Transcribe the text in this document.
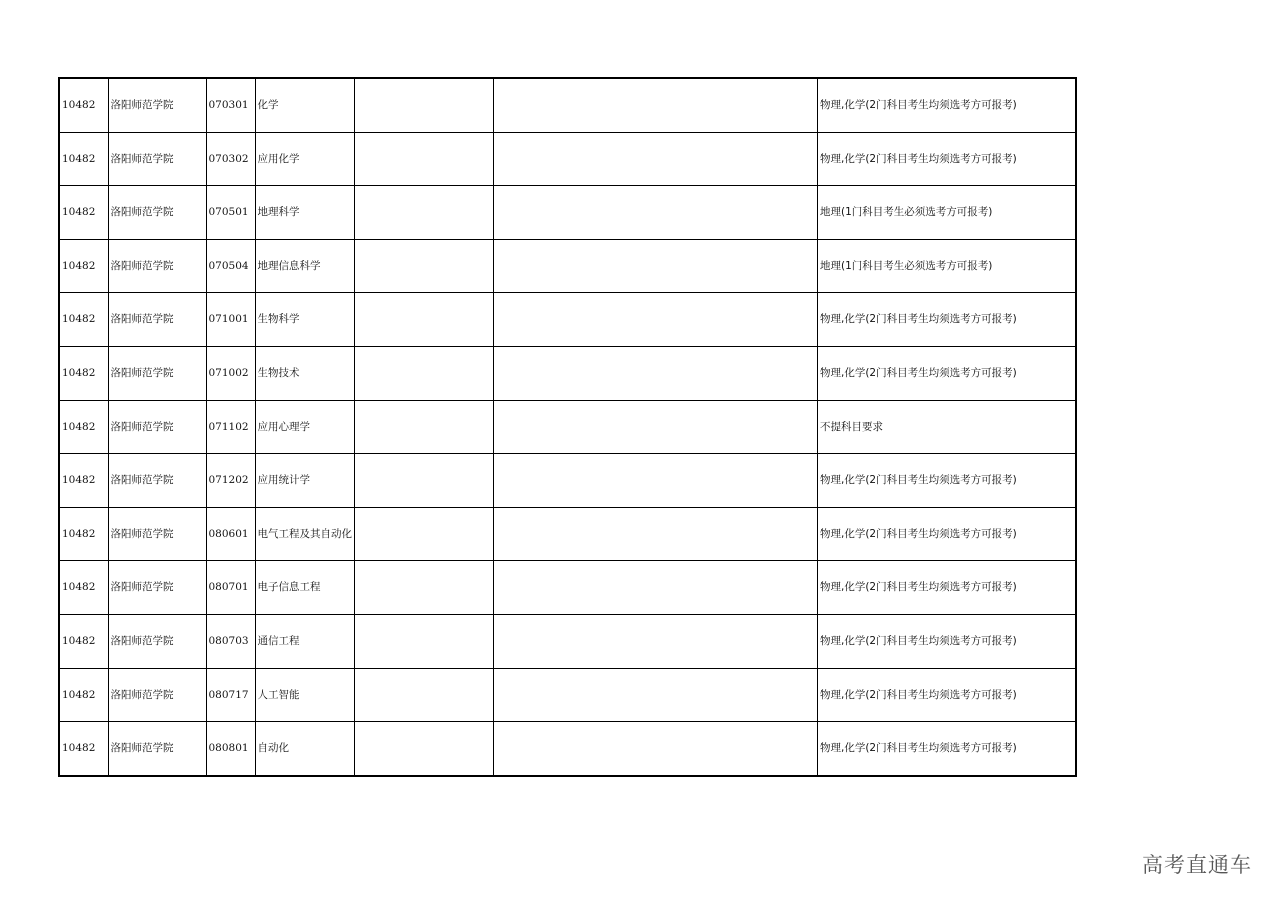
10482	洛阳师范学院	070301	化学			物理,化学(2门科目考生均须选考方可报考)
10482	洛阳师范学院	070302	应用化学			物理,化学(2门科目考生均须选考方可报考)
10482	洛阳师范学院	070501	地理科学			地理(1门科目考生必须选考方可报考)
10482	洛阳师范学院	070504	地理信息科学			地理(1门科目考生必须选考方可报考)
10482	洛阳师范学院	071001	生物科学			物理,化学(2门科目考生均须选考方可报考)
10482	洛阳师范学院	071002	生物技术			物理,化学(2门科目考生均须选考方可报考)
10482	洛阳师范学院	071102	应用心理学			不提科目要求
10482	洛阳师范学院	071202	应用统计学			物理,化学(2门科目考生均须选考方可报考)
10482	洛阳师范学院	080601	电气工程及其自动化			物理,化学(2门科目考生均须选考方可报考)
10482	洛阳师范学院	080701	电子信息工程			物理,化学(2门科目考生均须选考方可报考)
10482	洛阳师范学院	080703	通信工程			物理,化学(2门科目考生均须选考方可报考)
10482	洛阳师范学院	080717	人工智能			物理,化学(2门科目考生均须选考方可报考)
10482	洛阳师范学院	080801	自动化			物理,化学(2门科目考生均须选考方可报考)
高考直通车
